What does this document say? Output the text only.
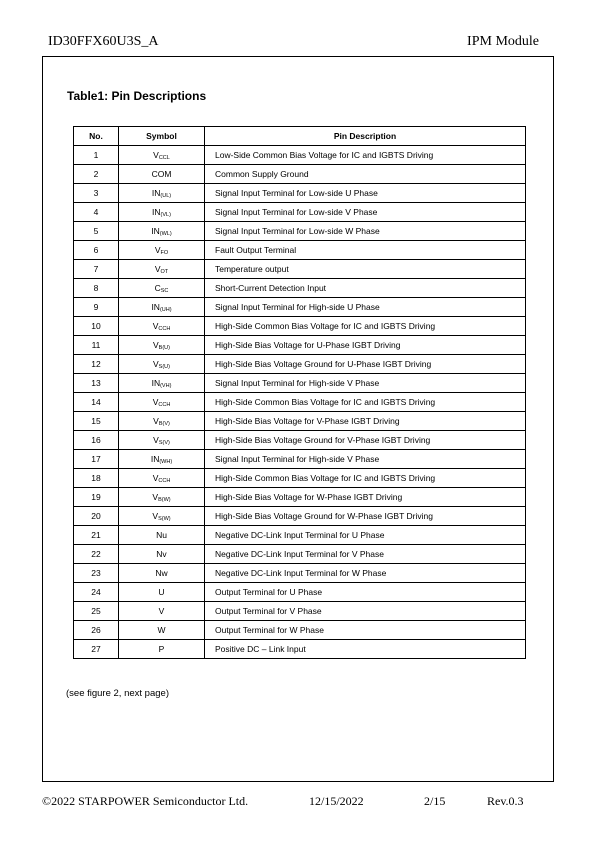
ID30FFX60U3S_A	IPM Module
Table1: Pin Descriptions
No.	Symbol	Pin Description
1	$V_{CCL}$	Low-Side Common Bias Voltage for IC and IGBTS Driving
2	COM	Common Supply Ground
3	$IN_{(UL)}$	Signal Input Terminal for Low-side U Phase
4	$IN_{(VL)}$	Signal Input Terminal for Low-side V Phase
5	$IN_{(WL)}$	Signal Input Terminal for Low-side W Phase
6	$V_{FO}$	Fault Output Terminal
7	$V_{OT}$	Temperature output
8	$C_{SC}$	Short-Current Detection Input
9	$IN_{(UH)}$	Signal Input Terminal for High-side U Phase
10	$V_{CCH}$	High-Side Common Bias Voltage for IC and IGBTS Driving
11	$V_{B(U)}$	High-Side Bias Voltage for U-Phase IGBT Driving
12	$V_{S(U)}$	High-Side Bias Voltage Ground for U-Phase IGBT Driving
13	$IN_{(VH)}$	Signal Input Terminal for High-side V Phase
14	$V_{CCH}$	High-Side Common Bias Voltage for IC and IGBTS Driving
15	$V_{B(V)}$	High-Side Bias Voltage for V-Phase IGBT Driving
16	$V_{S(V)}$	High-Side Bias Voltage Ground for V-Phase IGBT Driving
17	$IN_{(WH)}$	Signal Input Terminal for High-side V Phase
18	$V_{CCH}$	High-Side Common Bias Voltage for IC and IGBTS Driving
19	$V_{B(W)}$	High-Side Bias Voltage for W-Phase IGBT Driving
20	$V_{S(W)}$	High-Side Bias Voltage Ground for W-Phase IGBT Driving
21	Nu	Negative DC-Link Input Terminal for U Phase
22	Nv	Negative DC-Link Input Terminal for V Phase
23	Nw	Negative DC-Link Input Terminal for W Phase
24	U	Output Terminal for U Phase
25	V	Output Terminal for V Phase
26	W	Output Terminal for W Phase
27	P	Positive DC – Link Input
(see figure 2, next page)
©2022 STARPOWER Semiconductor Ltd.	12/15/2022	2/15	Rev.0.3
